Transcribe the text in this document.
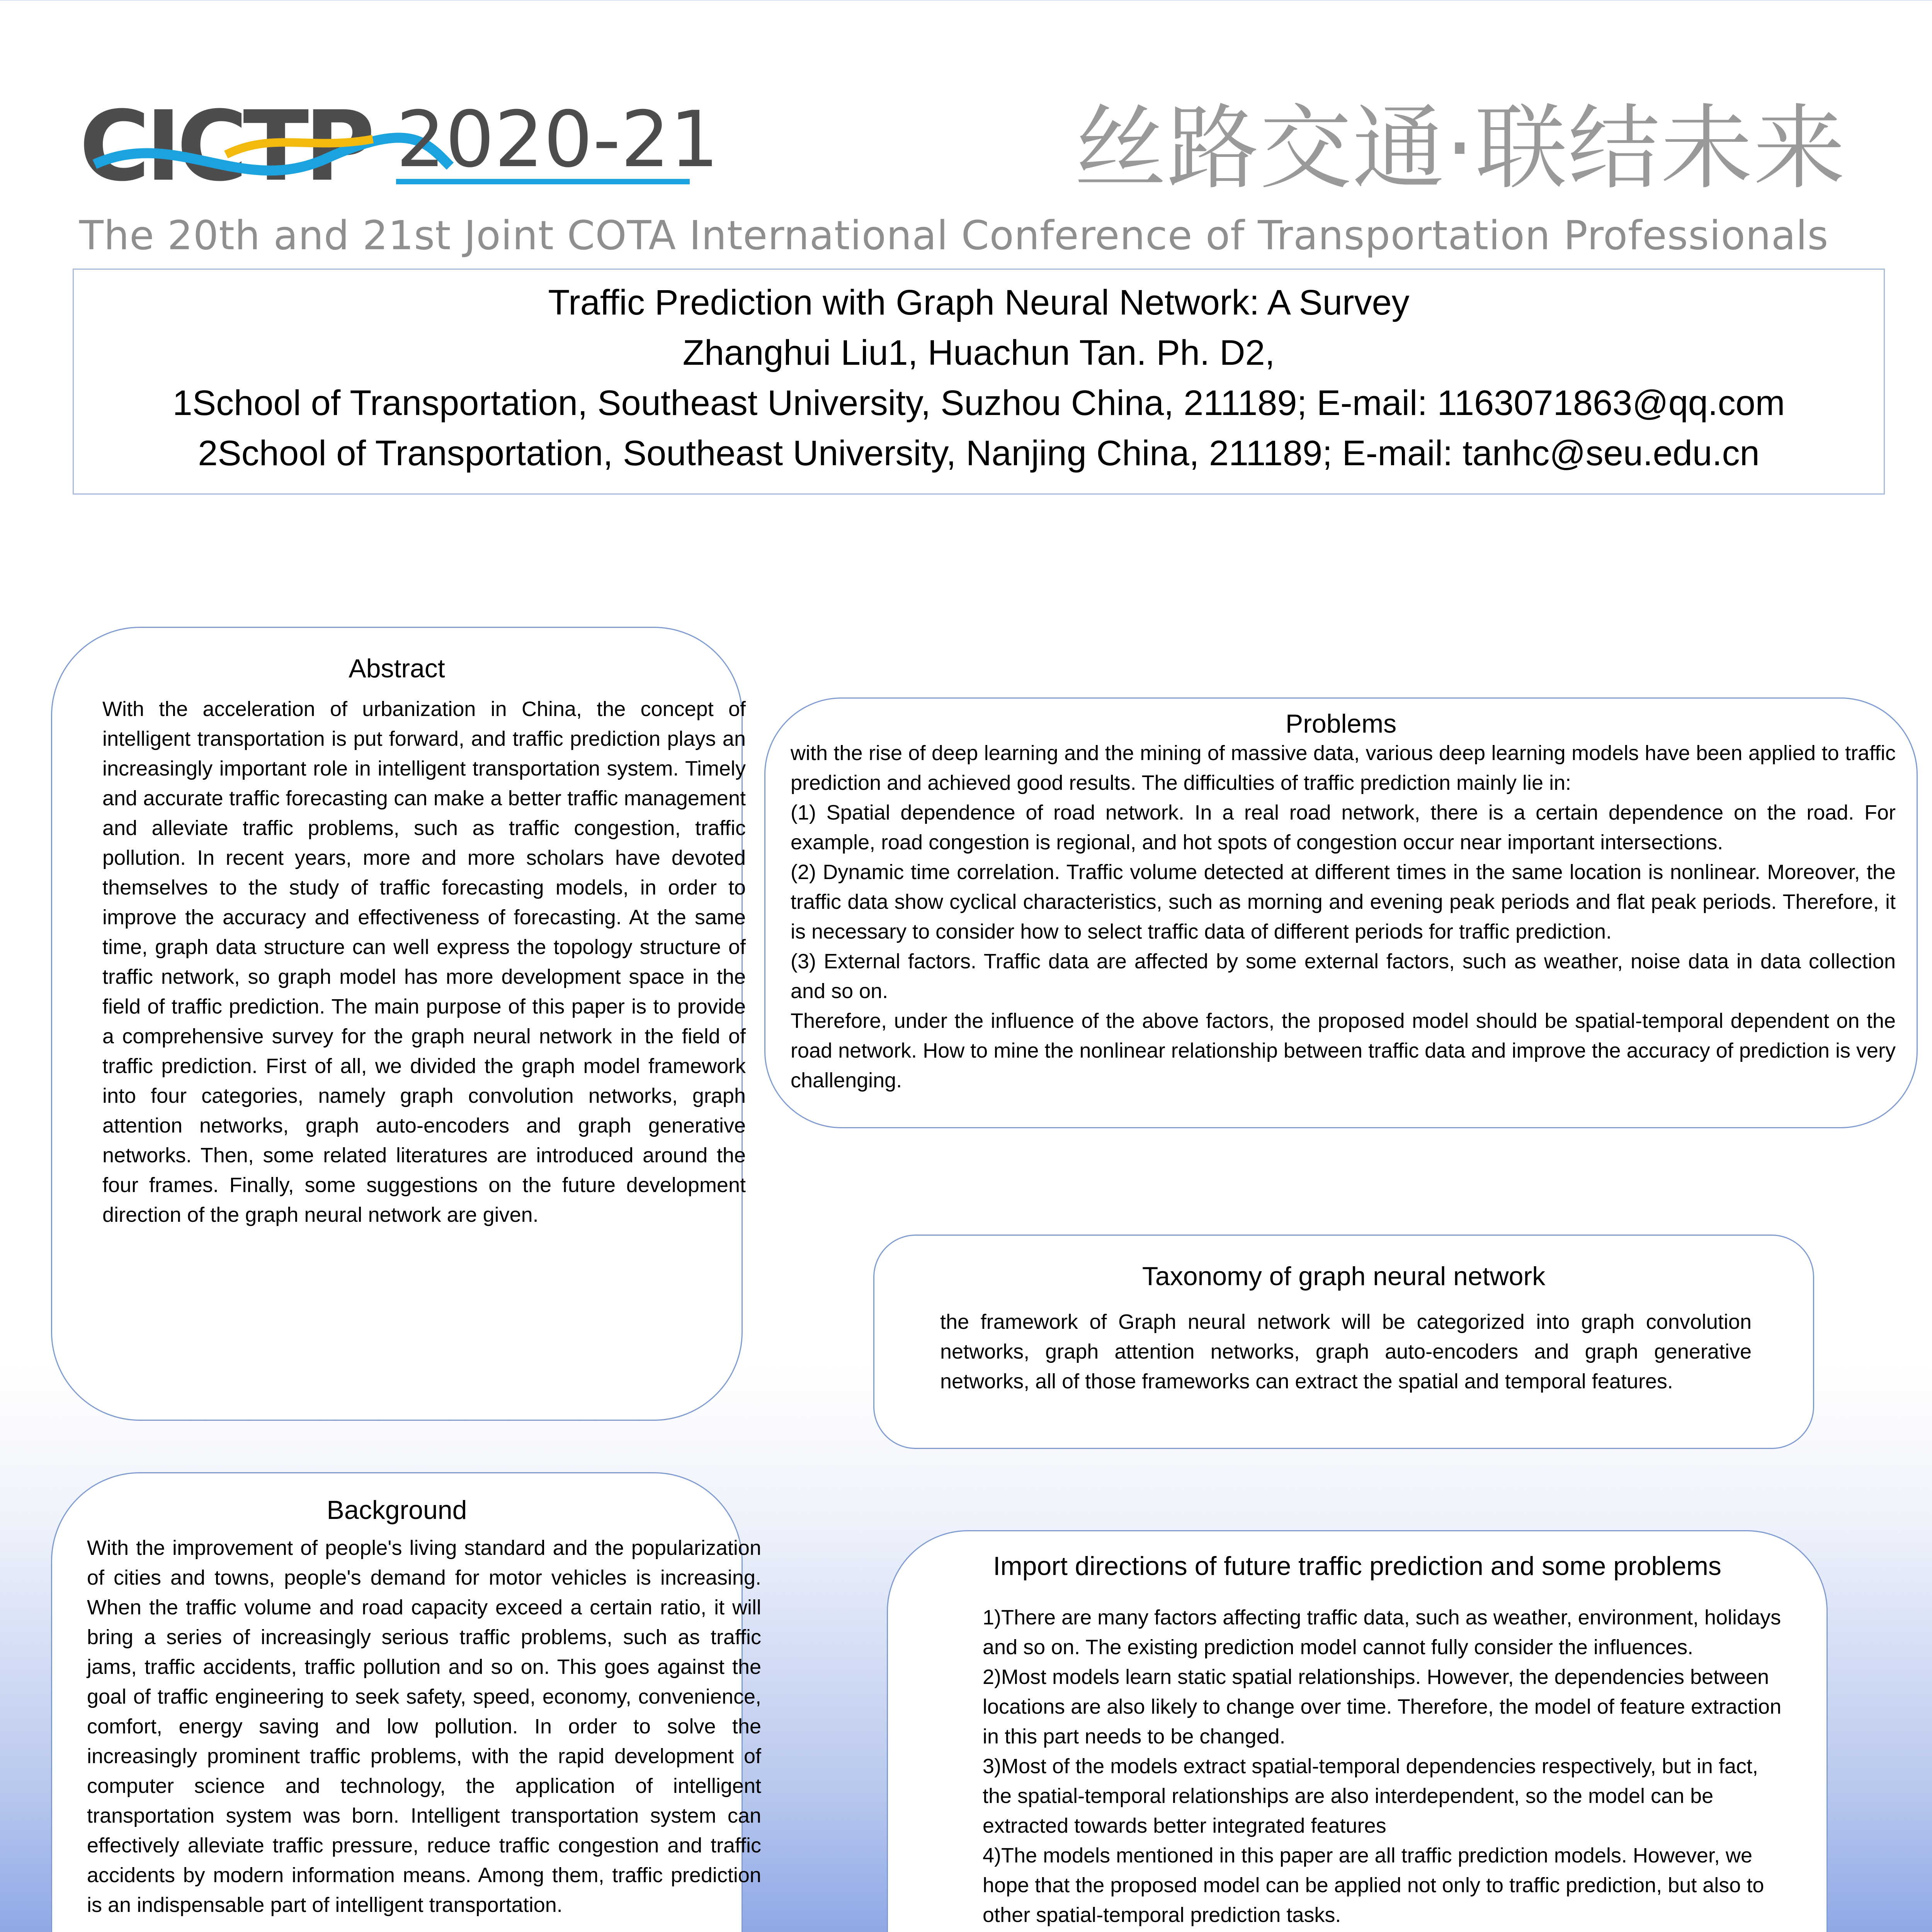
CICTP 2020-21	丝路交通·联结未来
The 20th and 21st Joint COTA International Conference of Transportation Professionals
Traffic Prediction with Graph Neural Network: A Survey
Zhanghui Liu1, Huachun Tan. Ph. D2,
1School of Transportation, Southeast University, Suzhou China, 211189; E-mail: 1163071863@qq.com
2School of Transportation, Southeast University, Nanjing China, 211189; E-mail: tanhc@seu.edu.cn
Abstract

With the acceleration of urbanization in China, the concept of intelligent transportation is put forward, and traffic prediction plays an increasingly important role in intelligent transportation system. Timely and accurate traffic forecasting can make a better traffic management and alleviate traffic problems, such as traffic congestion, traffic pollution. In recent years, more and more scholars have devoted themselves to the study of traffic forecasting models, in order to improve the accuracy and effectiveness of forecasting. At the same time, graph data structure can well express the topology structure of traffic network, so graph model has more development space in the field of traffic prediction. The main purpose of this paper is to provide a comprehensive survey for the graph neural network in the field of traffic prediction. First of all, we divided the graph model framework into four categories, namely graph convolution networks, graph attention networks, graph auto-encoders and graph generative networks. Then, some related literatures are introduced around the four frames. Finally, some suggestions on the future development direction of the graph neural network are given.

Background

With the improvement of people's living standard and the popularization of cities and towns, people's demand for motor vehicles is increasing. When the traffic volume and road capacity exceed a certain ratio, it will bring a series of increasingly serious traffic problems, such as traffic jams, traffic accidents, traffic pollution and so on. This goes against the goal of traffic engineering to seek safety, speed, economy, convenience, comfort, energy saving and low pollution. In order to solve the increasingly prominent traffic problems, with the rapid development of computer science and technology, the application of intelligent transportation system was born. Intelligent transportation system can effectively alleviate traffic pressure, reduce traffic congestion and traffic accidents by modern information means. Among them, traffic prediction is an indispensable part of intelligent transportation.

Problems

with the rise of deep learning and the mining of massive data, various deep learning models have been applied to traffic prediction and achieved good results. The difficulties of traffic prediction mainly lie in:

(1) Spatial dependence of road network. In a real road network, there is a certain dependence on the road. For example, road congestion is regional, and hot spots of congestion occur near important intersections.

(2) Dynamic time correlation. Traffic volume detected at different times in the same location is nonlinear. Moreover, the traffic data show cyclical characteristics, such as morning and evening peak periods and flat peak periods. Therefore, it is necessary to consider how to select traffic data of different periods for traffic prediction.

(3) External factors. Traffic data are affected by some external factors, such as weather, noise data in data collection and so on.

Therefore, under the influence of the above factors, the proposed model should be spatial-temporal dependent on the road network. How to mine the nonlinear relationship between traffic data and improve the accuracy of prediction is very challenging.

Taxonomy of graph neural network

the framework of Graph neural network will be categorized into graph convolution networks, graph attention networks, graph auto-encoders and graph generative networks, all of those frameworks can extract the spatial and temporal features.

Import directions of future traffic prediction and some problems

1)There are many factors affecting traffic data, such as weather, environment, holidays and so on. The existing prediction model cannot fully consider the influences.

2)Most models learn static spatial relationships. However, the dependencies between locations are also likely to change over time. Therefore, the model of feature extraction in this part needs to be changed.

3)Most of the models extract spatial-temporal dependencies respectively, but in fact, the spatial-temporal relationships are also interdependent, so the model can be extracted towards better integrated features

4)The models mentioned in this paper are all traffic prediction models. However, we hope that the proposed model can be applied not only to traffic prediction, but also to other spatial-temporal prediction tasks.
